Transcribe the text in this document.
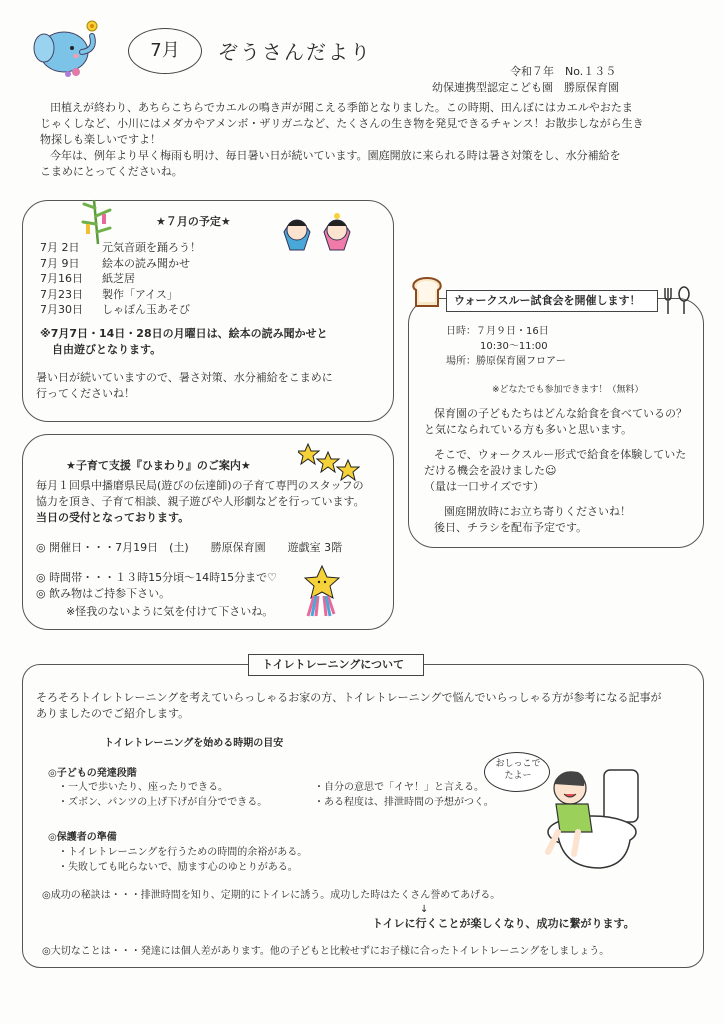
7月	ぞうさんだより
令和７年　No.１３５
幼保連携型認定こども園　勝原保育園
田植えが終わり、あちらこちらでカエルの鳴き声が聞こえる季節となりました。この時期、田んぼにはカエルやおたま
じゃくしなど、小川にはメダカやアメンボ・ザリガニなど、たくさんの生き物を発見できるチャンス！お散歩しながら生き
物探しも楽しいですよ！
今年は、例年より早く梅雨も明け、毎日暑い日が続いています。園庭開放に来られる時は暑さ対策をし、水分補給を
こまめにとってくださいね。
★７月の予定★
7月 2日	元気音頭を踊ろう！
7月 9日	絵本の読み聞かせ
7月16日	紙芝居
7月23日	製作「アイス」
7月30日	しゃぼん玉あそび
※7月7日・14日・28日の月曜日は、絵本の読み聞かせと
自由遊びとなります。
暑い日が続いていますので、暑さ対策、水分補給をこまめに
行ってくださいね！
★子育て支援『ひまわり』のご案内★
毎月１回県中播磨県民局(遊びの伝達師)の子育て専門のスタッフの
協力を頂き、子育て相談、親子遊びや人形劇などを行っています。
当日の受付となっております。
◎ 開催日・・・7月19日　(土)　　勝原保育園　　遊戯室 3階
◎ 時間帯・・・１３時15分頃～14時15分まで♡
◎ 飲み物はご持参下さい。
※怪我のないように気を付けて下さいね。
ウォークスルー試食会を開催します！
日時：７月９日・16日
10:30～11:00
場所：勝原保育園フロアー
※どなたでも参加できます！（無料）
保育園の子どもたちはどんな給食を食べているの？
と気になられている方も多いと思います。
そこで、ウォークスルー形式で給食を体験していた
だける機会を設けました☺
（量は一口サイズです）
園庭開放時にお立ち寄りくださいね！
後日、チラシを配布予定です。
トイレトレーニングについて
そろそろトイレトレーニングを考えていらっしゃるお家の方、トイレトレーニングで悩んでいらっしゃる方が参考になる記事が
ありましたのでご紹介します。
トイレトレーニングを始める時期の目安
◎子どもの発達段階
・一人で歩いたり、座ったりできる。
・ズボン、パンツの上げ下げが自分でできる。
・自分の意思で「イヤ！」と言える。
・ある程度は、排泄時間の予想がつく。
◎保護者の準備
・トイレトレーニングを行うための時間的余裕がある。
・失敗しても叱らないで、励ます心のゆとりがある。
◎成功の秘訣は・・・排泄時間を知り、定期的にトイレに誘う。成功した時はたくさん誉めてあげる。
↓
トイレに行くことが楽しくなり、成功に繋がります。
◎大切なことは・・・発達には個人差があります。他の子どもと比較せずにお子様に合ったトイレトレーニングをしましょう。
おしっこでたよー
